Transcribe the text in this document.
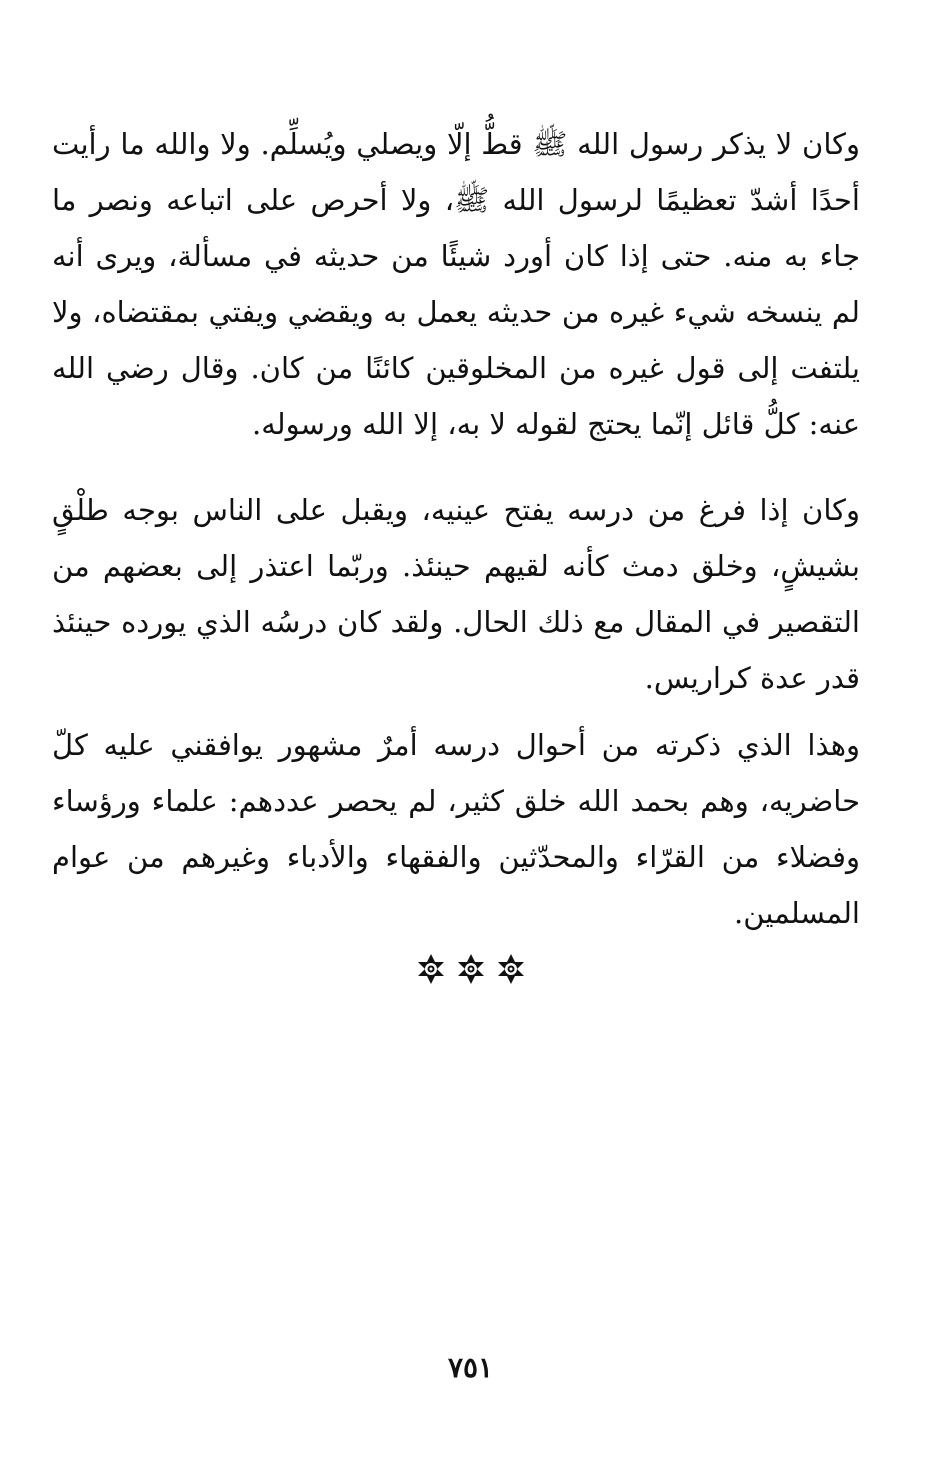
وكان لا يذكر رسول الله ﷺ قطُّ إلّا ويصلي ويُسلِّم. ولا والله ما رأيت أحدًا أشدّ تعظيمًا لرسول الله ﷺ، ولا أحرص على اتباعه ونصر ما جاء به منه. حتى إذا كان أورد شيئًا من حديثه في مسألة، ويرى أنه لم ينسخه شيء غيره من حديثه يعمل به ويقضي ويفتي بمقتضاه، ولا يلتفت إلى قول غيره من المخلوقين كائنًا من كان. وقال رضي الله عنه: كلُّ قائل إنّما يحتج لقوله لا به، إلا الله ورسوله.

وكان إذا فرغ من درسه يفتح عينيه، ويقبل على الناس بوجه طلْقٍ بشيشٍ، وخلق دمث كأنه لقيهم حينئذ. وربّما اعتذر إلى بعضهم من التقصير في المقال مع ذلك الحال. ولقد كان درسُه الذي يورده حينئذ قدر عدة كراريس.

وهذا الذي ذكرته من أحوال درسه أمرٌ مشهور يوافقني عليه كلّ حاضريه، وهم بحمد الله خلق كثير، لم يحصر عددهم: علماء ورؤساء وفضلاء من القرّاء والمحدّثين والفقهاء والأدباء وغيرهم من عوام المسلمين.

٧٥١
